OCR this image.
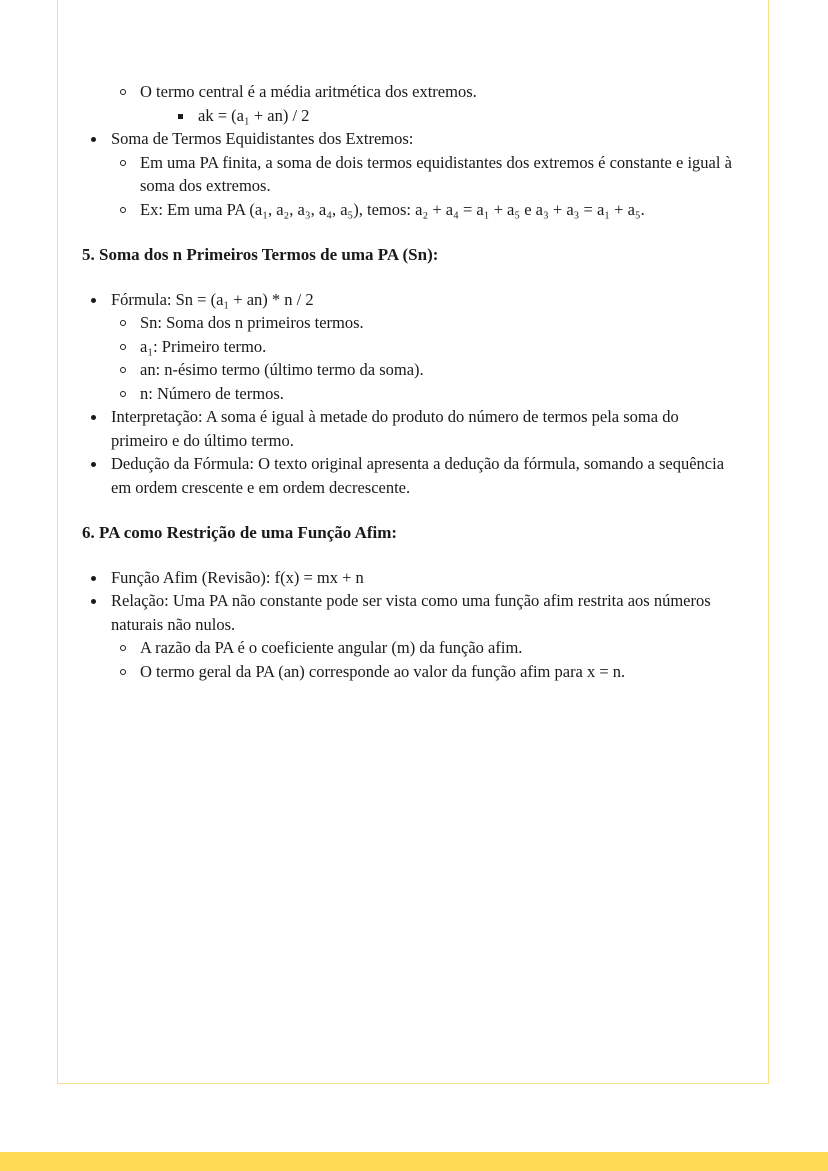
O termo central é a média aritmética dos extremos.
ak = (a₁ + an) / 2
Soma de Termos Equidistantes dos Extremos:
Em uma PA finita, a soma de dois termos equidistantes dos extremos é constante e igual à soma dos extremos.
Ex: Em uma PA (a₁, a₂, a₃, a₄, a₅), temos: a₂ + a₄ = a₁ + a₅ e a₃ + a₃ = a₁ + a₅.
5. Soma dos n Primeiros Termos de uma PA (Sn):
Fórmula: Sn = (a₁ + an) * n / 2
Sn: Soma dos n primeiros termos.
a₁: Primeiro termo.
an: n-ésimo termo (último termo da soma).
n: Número de termos.
Interpretação: A soma é igual à metade do produto do número de termos pela soma do primeiro e do último termo.
Dedução da Fórmula: O texto original apresenta a dedução da fórmula, somando a sequência em ordem crescente e em ordem decrescente.
6. PA como Restrição de uma Função Afim:
Função Afim (Revisão): f(x) = mx + n
Relação: Uma PA não constante pode ser vista como uma função afim restrita aos números naturais não nulos.
A razão da PA é o coeficiente angular (m) da função afim.
O termo geral da PA (an) corresponde ao valor da função afim para x = n.
